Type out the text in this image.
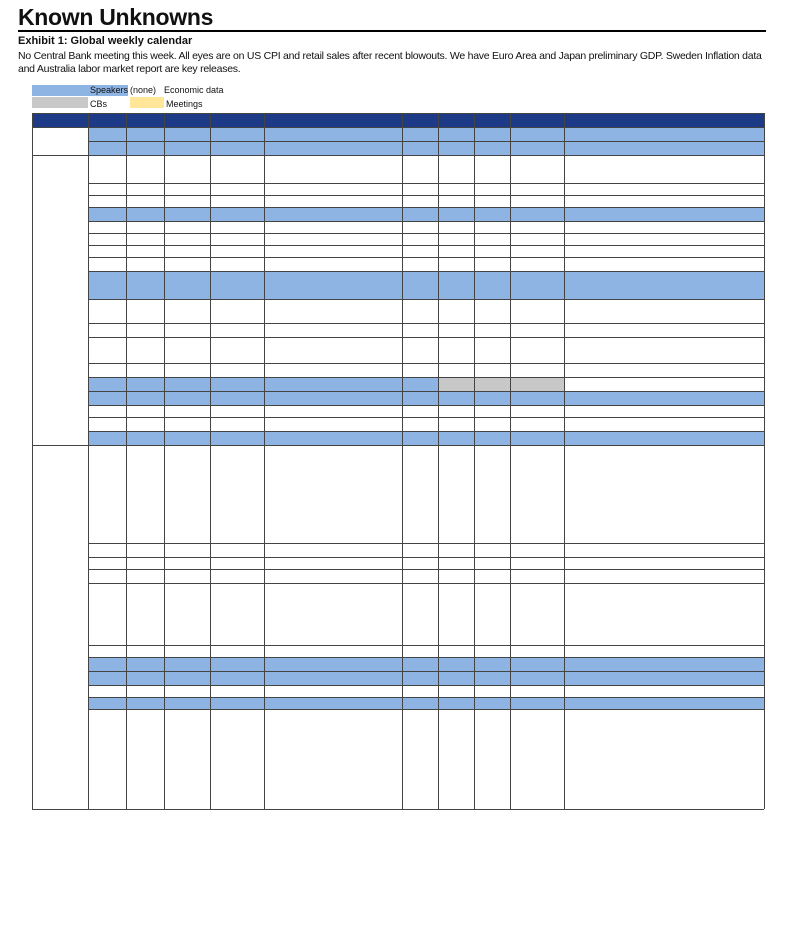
Known Unknowns
Exhibit 1: Global weekly calendar
No Central Bank meeting this week. All eyes are on US CPI and retail sales after recent blowouts. We have Euro Area and Japan preliminary GDP. Sweden Inflation data and Australia labor market report are key releases.
Speakers (none) Economic data
CBs	Meetings
